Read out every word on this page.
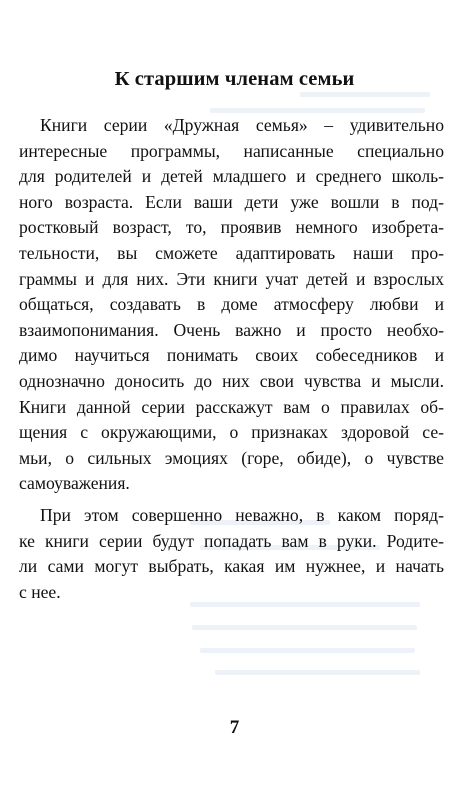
К старшим членам семьи

Книги серии «Дружная семья» – удивительно
интересные программы, написанные специально
для родителей и детей младшего и среднего школь-
ного возраста. Если ваши дети уже вошли в под-
ростковый возраст, то, проявив немного изобрета-
тельности, вы сможете адаптировать наши про-
граммы и для них. Эти книги учат детей и взрослых
общаться, создавать в доме атмосферу любви и
взаимопонимания. Очень важно и просто необхо-
димо научиться понимать своих собеседников и
однозначно доносить до них свои чувства и мысли.
Книги данной серии расскажут вам о правилах об-
щения с окружающими, о признаках здоровой се-
мьи, о сильных эмоциях (горе, обиде), о чувстве
самоуважения.

При этом совершенно неважно, в каком поряд-
ке книги серии будут попадать вам в руки. Родите-
ли сами могут выбрать, какая им нужнее, и начать
с нее.

7
